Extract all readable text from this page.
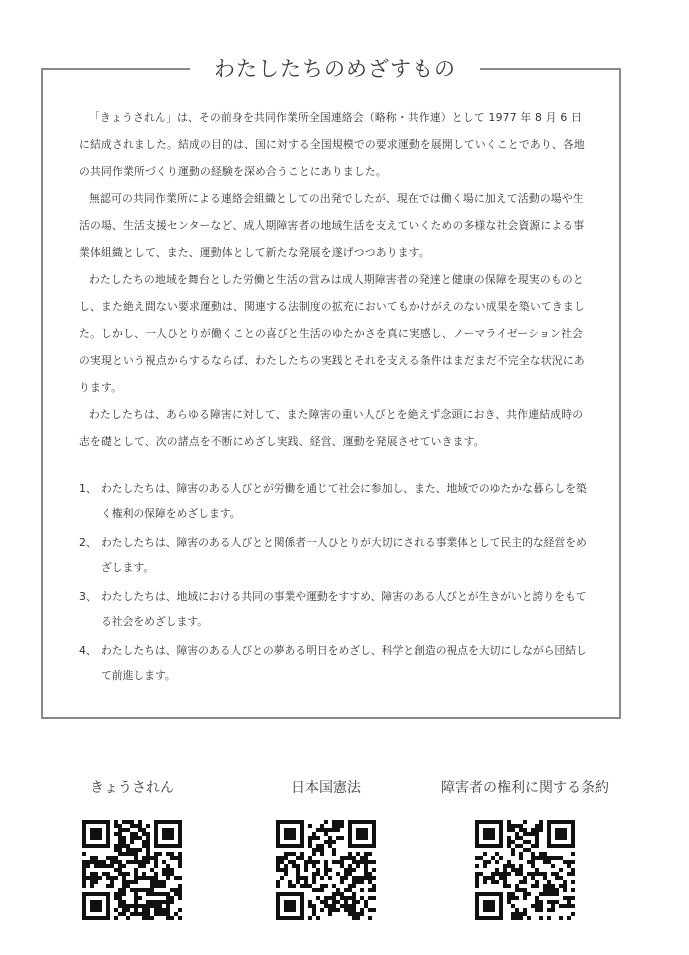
わたしたちのめざすもの

「きょうされん」は、その前身を共同作業所全国連絡会（略称・共作連）として 1977 年 8 月 6 日に結成されました。結成の目的は、国に対する全国規模での要求運動を展開していくことであり、各地の共同作業所づくり運動の経験を深め合うことにありました。

無認可の共同作業所による連絡会組織としての出発でしたが、現在では働く場に加えて活動の場や生活の場、生活支援センターなど、成人期障害者の地域生活を支えていくための多様な社会資源による事業体組織として、また、運動体として新たな発展を遂げつつあります。

わたしたちの地域を舞台とした労働と生活の営みは成人期障害者の発達と健康の保障を現実のものとし、また絶え間ない要求運動は、関連する法制度の拡充においてもかけがえのない成果を築いてきました。しかし、一人ひとりが働くことの喜びと生活のゆたかさを真に実感し、ノーマライゼーション社会の実現という視点からするならば、わたしたちの実践とそれを支える条件はまだまだ不完全な状況にあります。

わたしたちは、あらゆる障害に対して、また障害の重い人びとを絶えず念頭におき、共作連結成時の志を礎として、次の諸点を不断にめざし実践、経営、運動を発展させていきます。

1、 わたしたちは、障害のある人びとが労働を通じて社会に参加し、また、地域でのゆたかな暮らしを築く権利の保障をめざします。
2、 わたしたちは、障害のある人びとと関係者一人ひとりが大切にされる事業体として民主的な経営をめざします。
3、 わたしたちは、地域における共同の事業や運動をすすめ、障害のある人びとが生きがいと誇りをもてる社会をめざします。
4、 わたしたちは、障害のある人びとの夢ある明日をめざし、科学と創造の視点を大切にしながら団結して前進します。
きょうされん	日本国憲法	障害者の権利に関する条約
